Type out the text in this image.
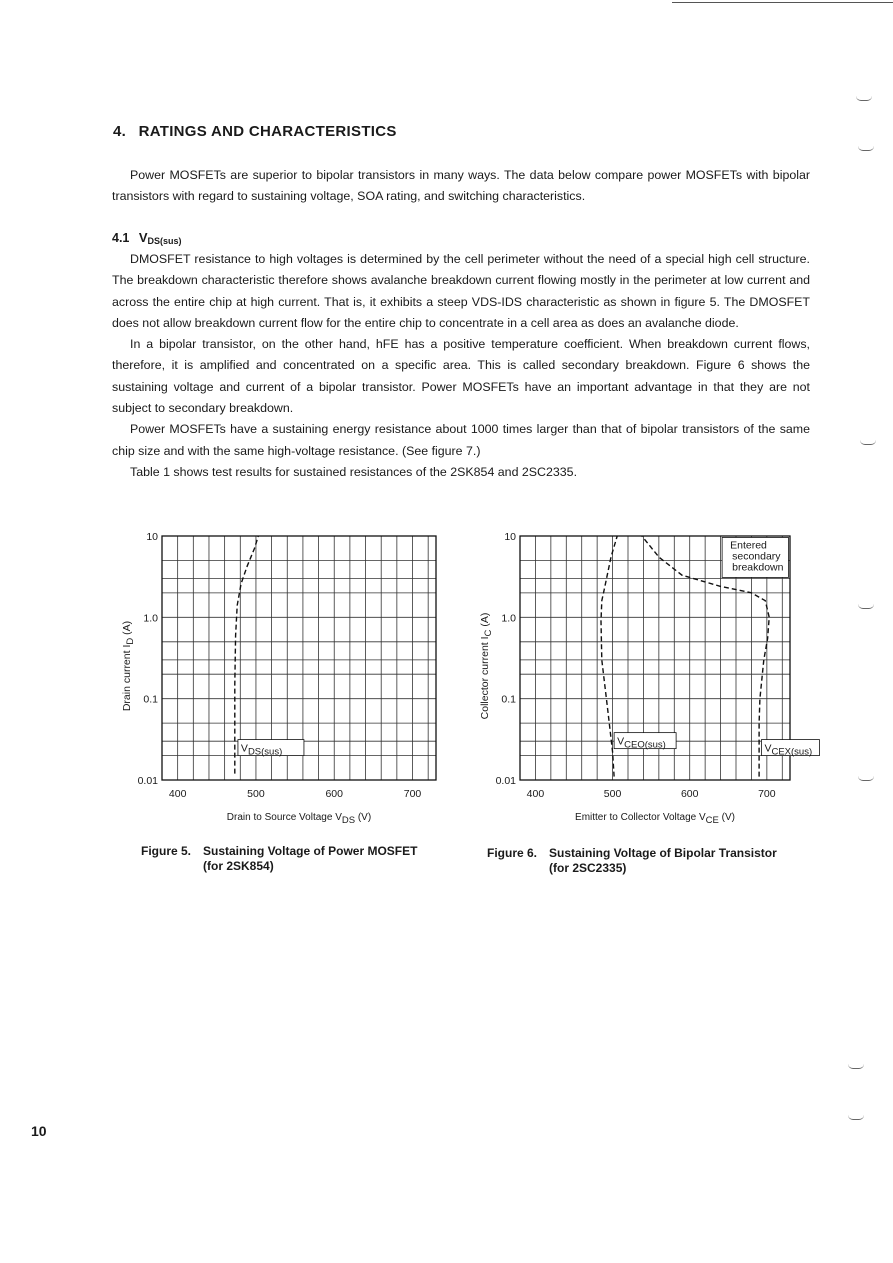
4. RATINGS AND CHARACTERISTICS

Power MOSFETs are superior to bipolar transistors in many ways. The data below compare power MOSFETs with bipolar transistors with regard to sustaining voltage, SOA rating, and switching characteristics.

4.1 $V_{DS(sus)}$

DMOSFET resistance to high voltages is determined by the cell perimeter without the need of a special high cell structure. The breakdown characteristic therefore shows avalanche breakdown current flowing mostly in the perimeter at low current and across the entire chip at high current. That is, it exhibits a steep VDS-IDS characteristic as shown in figure 5. The DMOSFET does not allow breakdown current flow for the entire chip to concentrate in a cell area as does an avalanche diode.

In a bipolar transistor, on the other hand, hFE has a positive temperature coefficient. When breakdown current flows, therefore, it is amplified and concentrated on a specific area. This is called secondary breakdown. Figure 6 shows the sustaining voltage and current of a bipolar transistor. Power MOSFETs have an important advantage in that they are not subject to secondary breakdown.

Power MOSFETs have a sustaining energy resistance about 1000 times larger than that of bipolar transistors of the same chip size and with the same high-voltage resistance. (See figure 7.)

Table 1 shows test results for sustained resistances of the 2SK854 and 2SC2335.

10
1.0
0.1
0.01
400	500	600	700
Drain to Source Voltage VDS (V)
Drain current ID (A)
VDS(sus)
10
1.0
0.1
0.01
400	500	600	700
Emitter to Collector Voltage VCE (V)
Collector current IC (A)
VCEO(sus)	VCEX(sus)
Entered secondary breakdown
Figure 5. Sustaining Voltage of Power MOSFET
(for 2SK854)
Figure 6. Sustaining Voltage of Bipolar Transistor
(for 2SC2335)
10
